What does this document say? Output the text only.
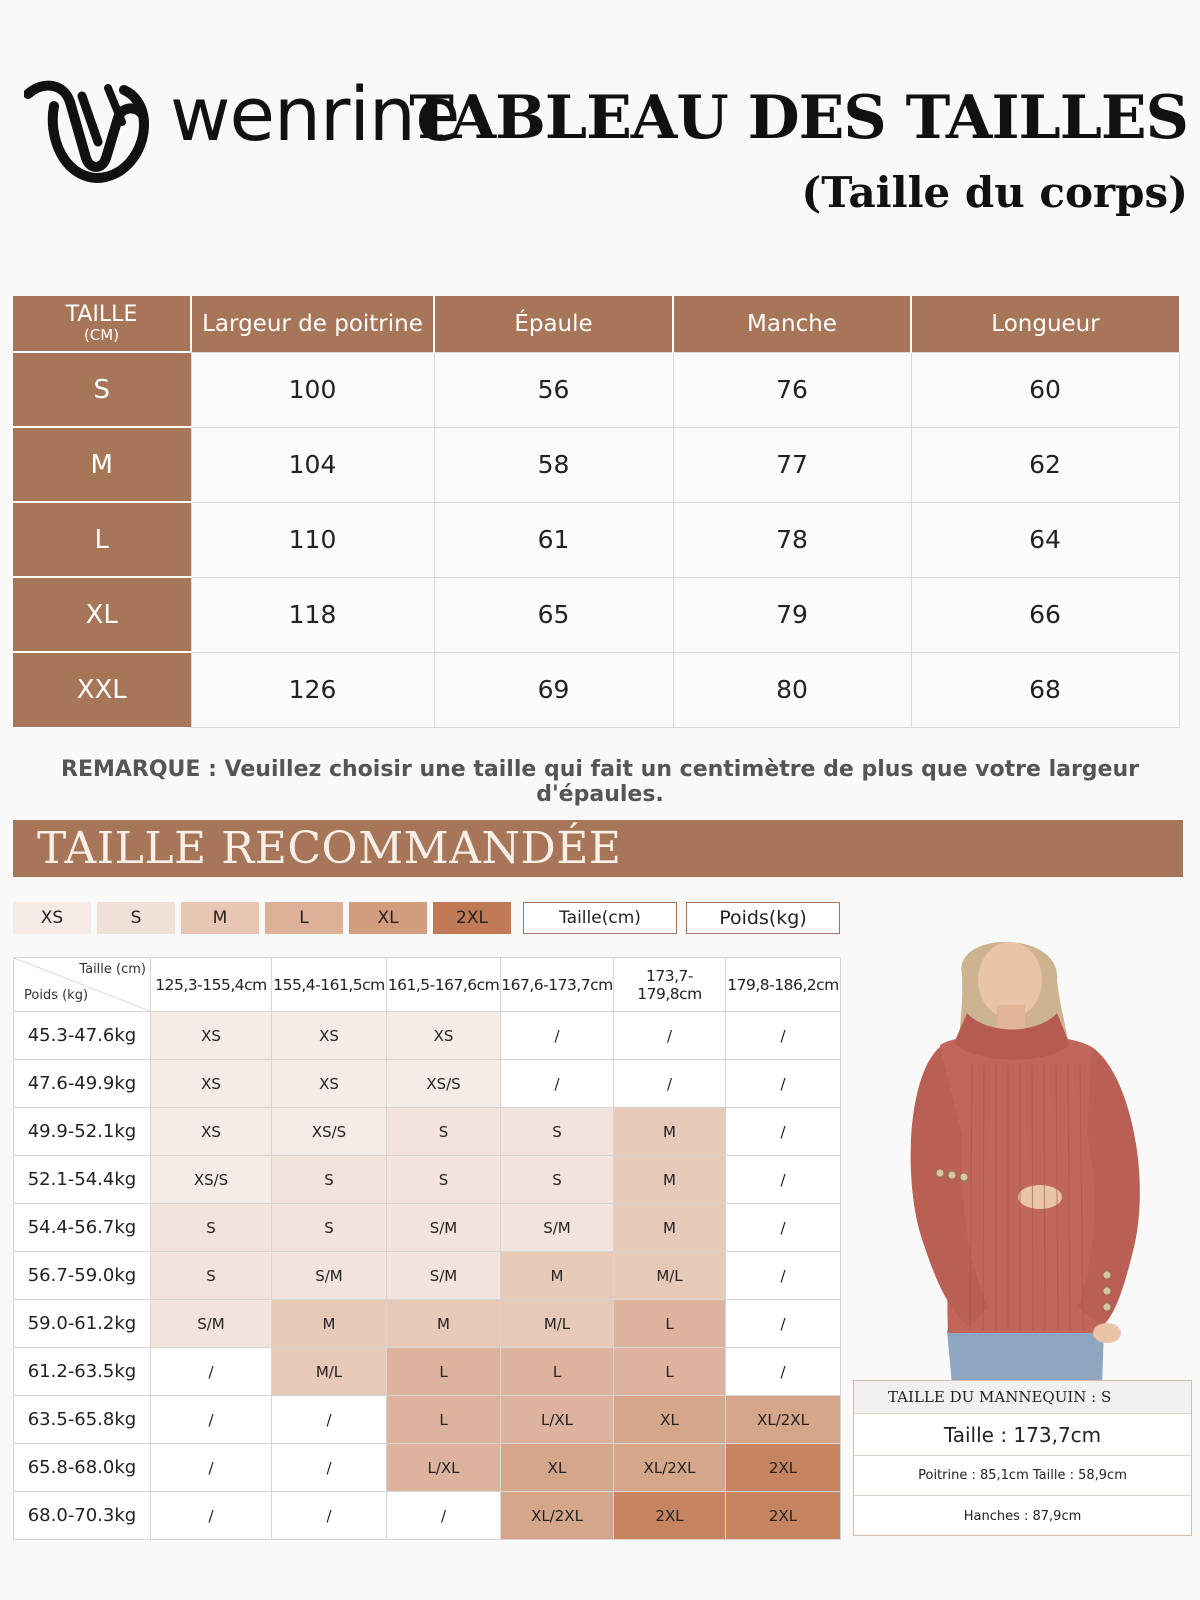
wenrine
TABLEAU DES TAILLES
(Taille du corps)
TAILLE
(CM)	Largeur de poitrine	Épaule	Manche	Longueur
S	100	56	76	60
M	104	58	77	62
L	110	61	78	64
XL	118	65	79	66
XXL	126	69	80	68
REMARQUE : Veuillez choisir une taille qui fait un centimètre de plus que votre largeur d'épaules.
TAILLE RECOMMANDÉE
XS	S	M	L	XL	2XL	Taille(cm)	Poids(kg)
Taille (cm)
Poids (kg)	125,3-155,4cm	155,4-161,5cm	161,5-167,6cm	167,6-173,7cm	173,7-179,8cm	179,8-186,2cm
45.3-47.6kg	XS	XS	XS	/	/	/
47.6-49.9kg	XS	XS	XS/S	/	/	/
49.9-52.1kg	XS	XS/S	S	S	M	/
52.1-54.4kg	XS/S	S	S	S	M	/
54.4-56.7kg	S	S	S/M	S/M	M	/
56.7-59.0kg	S	S/M	S/M	M	M/L	/
59.0-61.2kg	S/M	M	M	M/L	L	/
61.2-63.5kg	/	M/L	L	L	L	/
63.5-65.8kg	/	/	L	L/XL	XL	XL/2XL
65.8-68.0kg	/	/	L/XL	XL	XL/2XL	2XL
68.0-70.3kg	/	/	/	XL/2XL	2XL	2XL
TAILLE DU MANNEQUIN : S
Taille : 173,7cm
Poitrine : 85,1cm Taille : 58,9cm
Hanches : 87,9cm
